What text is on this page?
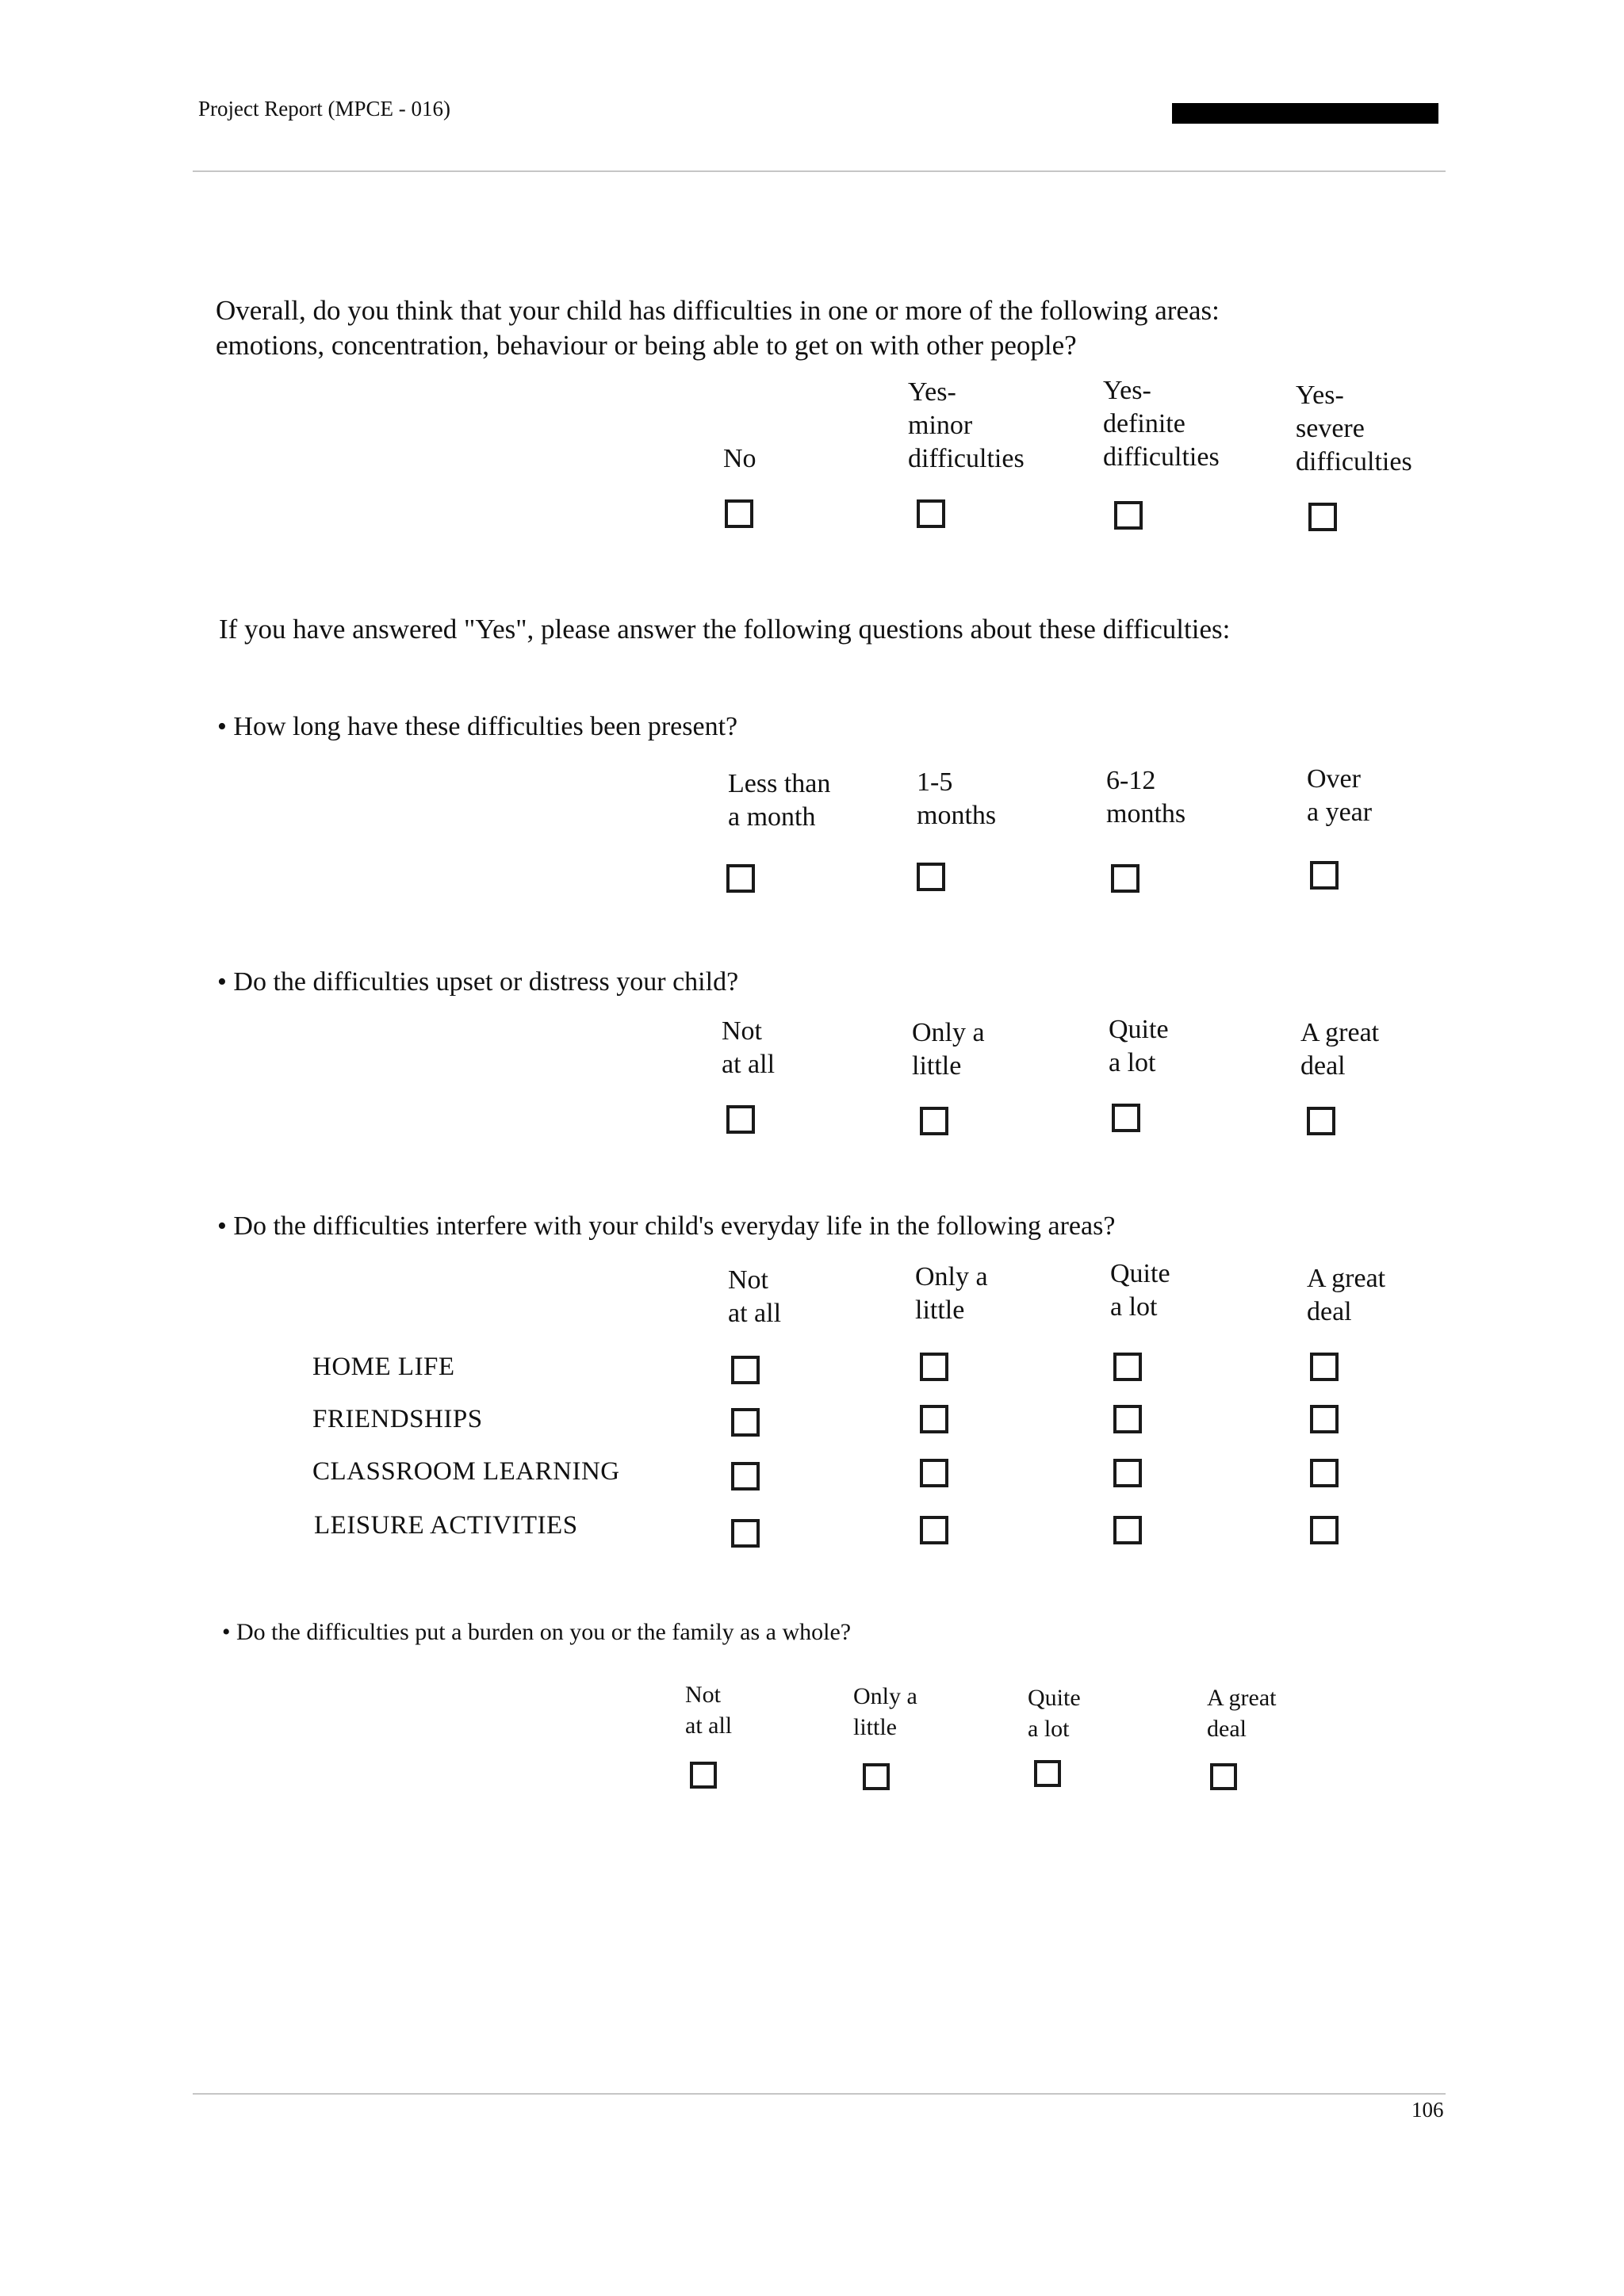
Project Report (MPCE - 016)
Overall, do you think that your child has difficulties in one or more of the following areas:
emotions, concentration, behaviour or being able to get on with other people?
No
Yes-
minor
difficulties
Yes-
definite
difficulties
Yes-
severe
difficulties
If you have answered "Yes", please answer the following questions about these difficulties:
• How long have these difficulties been present?
Less than
a month
1-5
months
6-12
months
Over
a year
• Do the difficulties upset or distress your child?
Not
at all
Only a
little
Quite
a lot
A great
deal
• Do the difficulties interfere with your child's everyday life in the following areas?
Not
at all
Only a
little
Quite
a lot
A great
deal
HOME LIFE
FRIENDSHIPS
CLASSROOM LEARNING
LEISURE ACTIVITIES
• Do the difficulties put a burden on you or the family as a whole?
Not
at all
Only a
little
Quite
a lot
A great
deal
106
